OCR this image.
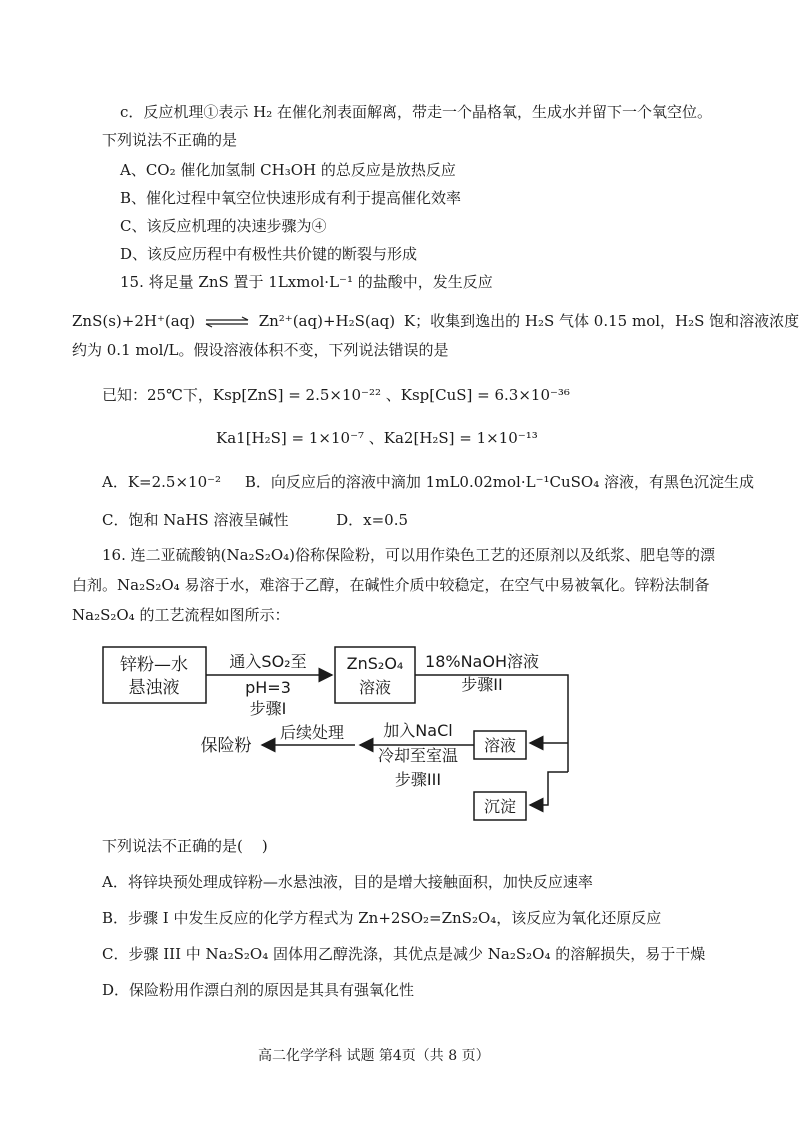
c．反应机理①表示 H₂ 在催化剂表面解离，带走一个晶格氧，生成水并留下一个氧空位。
下列说法不正确的是
A、CO₂ 催化加氢制 CH₃OH 的总反应是放热反应
B、催化过程中氧空位快速形成有利于提高催化效率
C、该反应机理的决速步骤为④
D、该反应历程中有极性共价键的断裂与形成
15. 将足量 ZnS 置于 1Lxmol·L⁻¹ 的盐酸中，发生反应
ZnS(s)+2H⁺(aq) ⇌ Zn²⁺(aq)+H₂S(aq) K；收集到逸出的 H₂S 气体 0.15 mol，H₂S 饱和溶液浓度
约为 0.1 mol/L。假设溶液体积不变，下列说法错误的是
已知：25℃下，Ksp[ZnS] = 2.5×10⁻²² 、Ksp[CuS] = 6.3×10⁻³⁶
Ka1[H₂S] = 1×10⁻⁷ 、Ka2[H₂S] = 1×10⁻¹³
A．K=2.5×10⁻²     B．向反应后的溶液中滴加 1mL0.02mol·L⁻¹CuSO₄ 溶液，有黑色沉淀生成
C．饱和 NaHS 溶液呈碱性          D．x=0.5
16. 连二亚硫酸钠(Na₂S₂O₄)俗称保险粉，可以用作染色工艺的还原剂以及纸浆、肥皂等的漂
白剂。Na₂S₂O₄ 易溶于水，难溶于乙醇，在碱性介质中较稳定，在空气中易被氧化。锌粉法制备
Na₂S₂O₄ 的工艺流程如图所示：
锌粉—水
悬浊液
通入SO₂至
pH=3
步骤I
ZnS₂O₄
溶液
18%NaOH溶液
步骤II
溶液
沉淀
加入NaCl
冷却至室温
步骤III
后续处理
保险粉
下列说法不正确的是(    )
A．将锌块预处理成锌粉—水悬浊液，目的是增大接触面积，加快反应速率
B．步骤 I 中发生反应的化学方程式为 Zn+2SO₂=ZnS₂O₄，该反应为氧化还原反应
C．步骤 III 中 Na₂S₂O₄ 固体用乙醇洗涤，其优点是减少 Na₂S₂O₄ 的溶解损失，易于干燥
D．保险粉用作漂白剂的原因是其具有强氧化性
高二化学学科 试题 第4页（共 8 页）
